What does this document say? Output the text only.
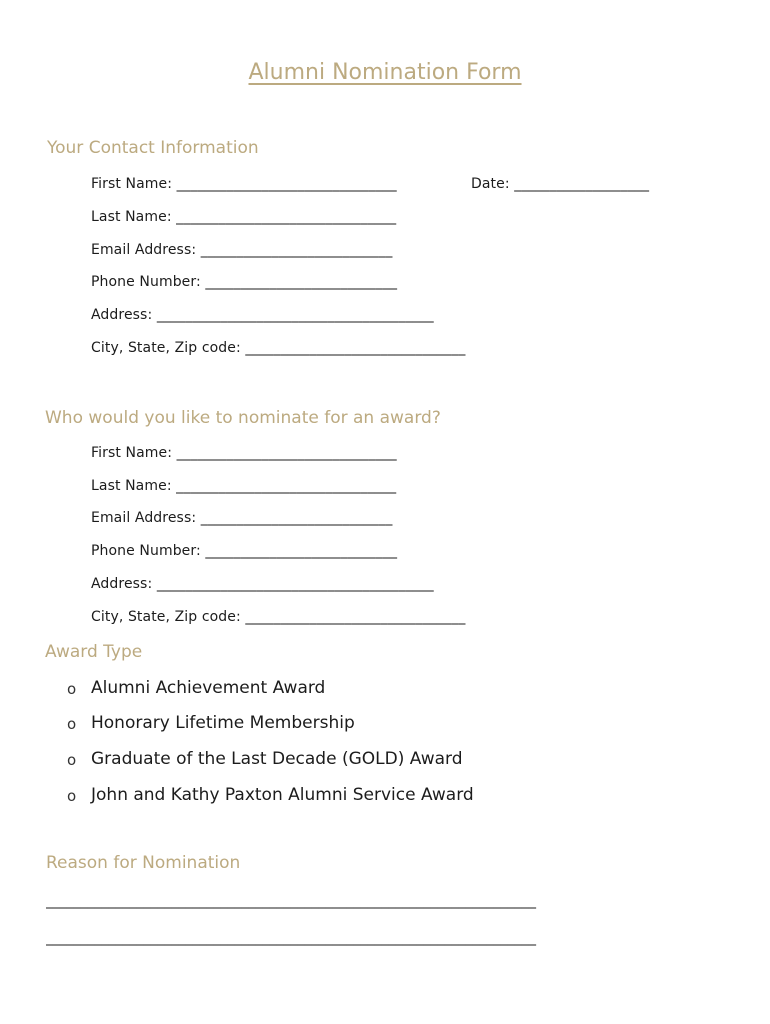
Alumni Nomination Form
Your Contact Information
First Name: _______________________________	Date: ___________________
Last Name: _______________________________
Email Address: ___________________________
Phone Number: ___________________________
Address: _______________________________________
City, State, Zip code: _______________________________
Who would you like to nominate for an award?
First Name: _______________________________
Last Name: _______________________________
Email Address: ___________________________
Phone Number: ___________________________
Address: _______________________________________
City, State, Zip code: _______________________________
Award Type
o Alumni Achievement Award
o Honorary Lifetime Membership
o Graduate of the Last Decade (GOLD) Award
o John and Kathy Paxton Alumni Service Award
Reason for Nomination
______________________________________________________________________
______________________________________________________________________
